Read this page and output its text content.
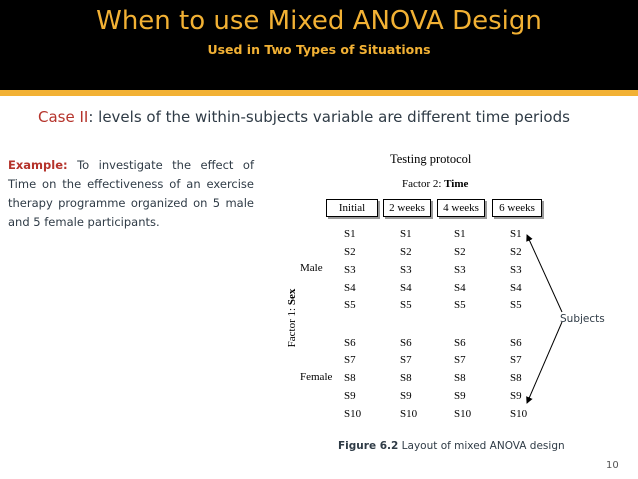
When to use Mixed ANOVA Design
Used in Two Types of Situations
Case II: levels of the within-subjects variable are different time periods
Example: To investigate the effect of Time on the effectiveness of an exercise therapy programme organized on 5 male and 5 female participants.
Testing protocol
Factor 2: Time
Initial	2 weeks	4 weeks	6 weeks
Factor 1: Sex
Male
Female
S1	S1	S1	S1
S2	S2	S2	S2
S3	S3	S3	S3
S4	S4	S4	S4
S5	S5	S5	S5
S6	S6	S6	S6
S7	S7	S7	S7
S8	S8	S8	S8
S9	S9	S9	S9
S10	S10	S10	S10
Subjects
Figure 6.2 Layout of mixed ANOVA design
10
